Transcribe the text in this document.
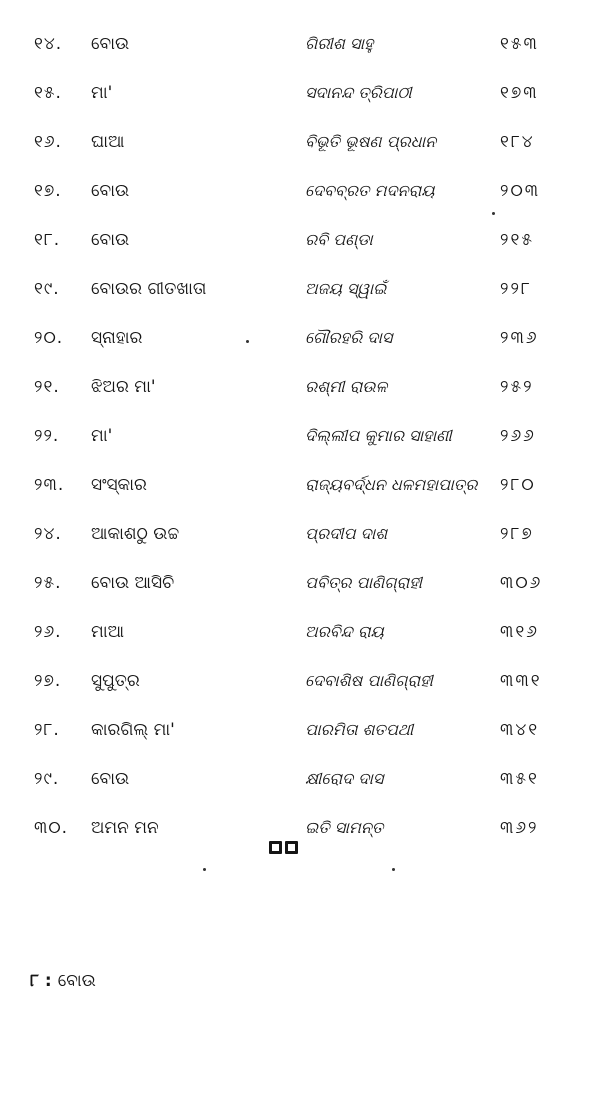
୧୪. ବୋଉ	ଗିରୀଶ ସାହୁ	୧୫୩
୧୫. ମା'	ସଦାନନ୍ଦ ତ୍ରିପାଠୀ	୧୭୩
୧୬. ଘାଆ	ବିଭୂତି ଭୂଷଣ ପ୍ରଧାନ	୧୮୪
୧୭. ବୋଉ	ଦେବବ୍ରତ ମଦନରାୟ	୨୦୩
୧୮. ବୋଉ	ରବି ପଣ୍ଡା	୨୧୫
୧୯. ବୋଉର ଗୀତଖାତା	ଅଜୟ ସ୍ୱାଇଁ	୨୨୮
୨୦. ସ୍ନାହାର	ଗୌରହରି ଦାସ	୨୩୬
୨୧. ଝିଅର ମା'	ରଶ୍ମୀ ରାଉଳ	୨୫୨
୨୨. ମା'	ଦିଲ୍ଲୀପ କୁମାର ସାହାଣୀ	୨୬୬
୨୩. ସଂସ୍କାର	ରାଜ୍ୟବର୍ଦ୍ଧନ ଧଳମହାପାତ୍ର ୨୮୦
୨୪. ଆକାଶଠୁ ଉଚ୍ଚ	ପ୍ରଦୀପ ଦାଶ	୨୮୭
୨୫. ବୋଉ ଆସିଚି	ପବିତ୍ର ପାଣିଗ୍ରାହୀ	୩୦୬
୨୬. ମାଆ	ଅରବିନ୍ଦ ରାୟ	୩୧୬
୨୭. ସୁପୁତ୍ର	ଦେବାଶିଷ ପାଣିଗ୍ରାହୀ	୩୩୧
୨୮. କାରଗିଲ୍ ମା'	ପାରମିତା ଶତପଥୀ	୩୪୧
୨୯. ବୋଉ	କ୍ଷୀରୋଦ ଦାସ	୩୫୧
୩୦. ଅମନ ମନ	ଇତି ସାମନ୍ତ	୩୬୨
୮ : ବୋଉ
